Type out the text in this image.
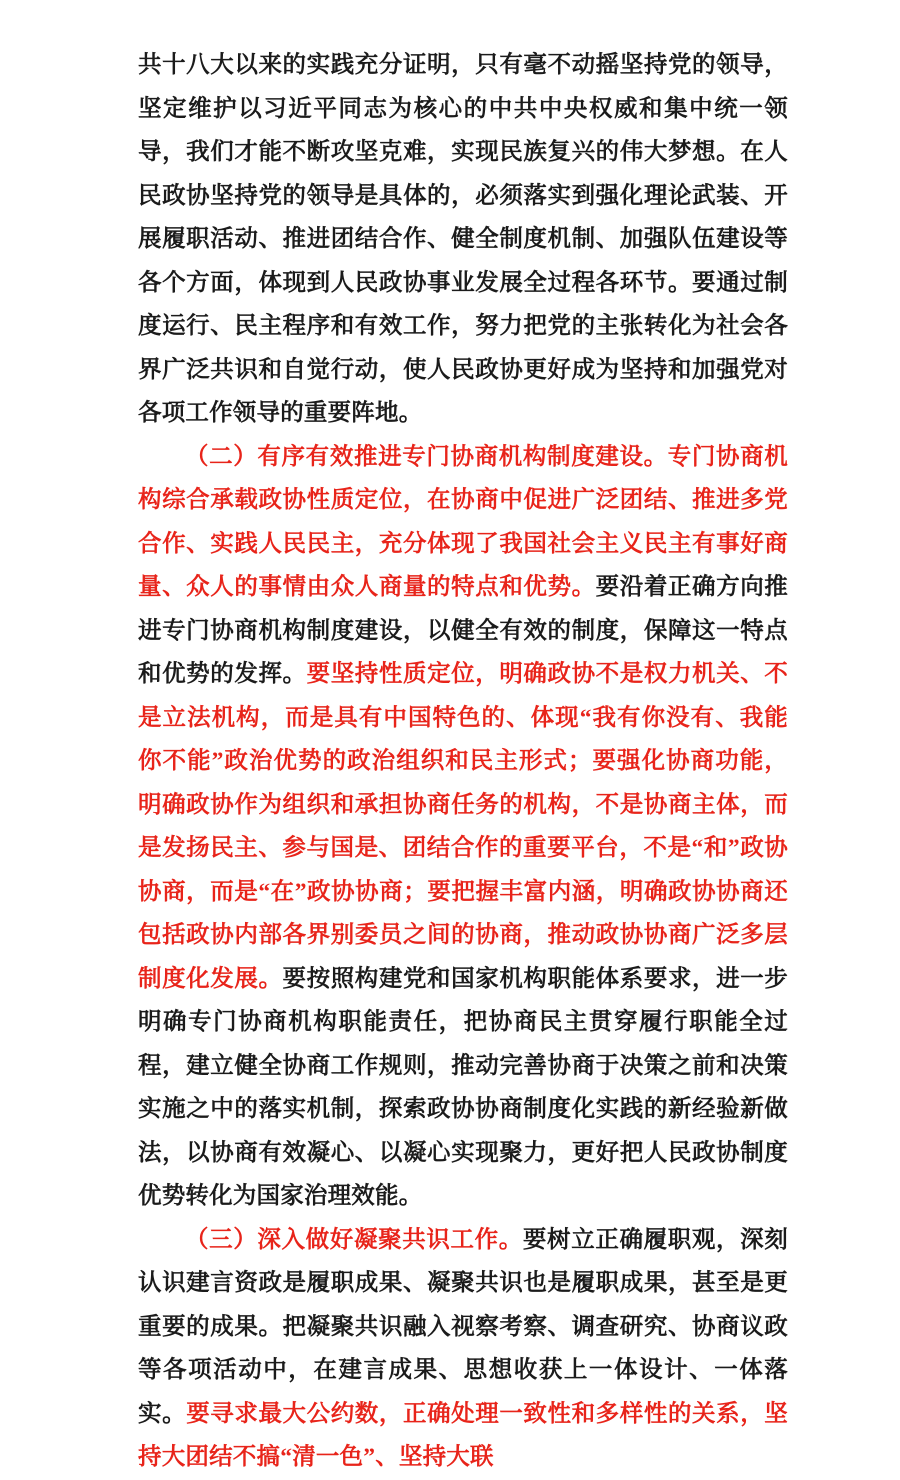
共十八大以来的实践充分证明，只有毫不动摇坚持党的领导，坚定维护以习近平同志为核心的中共中央权威和集中统一领导，我们才能不断攻坚克难，实现民族复兴的伟大梦想。在人民政协坚持党的领导是具体的，必须落实到强化理论武装、开展履职活动、推进团结合作、健全制度机制、加强队伍建设等各个方面，体现到人民政协事业发展全过程各环节。要通过制度运行、民主程序和有效工作，努力把党的主张转化为社会各界广泛共识和自觉行动，使人民政协更好成为坚持和加强党对各项工作领导的重要阵地。

（二）有序有效推进专门协商机构制度建设。专门协商机构综合承载政协性质定位，在协商中促进广泛团结、推进多党合作、实践人民民主，充分体现了我国社会主义民主有事好商量、众人的事情由众人商量的特点和优势。要沿着正确方向推进专门协商机构制度建设，以健全有效的制度，保障这一特点和优势的发挥。要坚持性质定位，明确政协不是权力机关、不是立法机构，而是具有中国特色的、体现“我有你没有、我能你不能”政治优势的政治组织和民主形式；要强化协商功能，明确政协作为组织和承担协商任务的机构，不是协商主体，而是发扬民主、参与国是、团结合作的重要平台，不是“和”政协协商，而是“在”政协协商；要把握丰富内涵，明确政协协商还包括政协内部各界别委员之间的协商，推动政协协商广泛多层制度化发展。要按照构建党和国家机构职能体系要求，进一步明确专门协商机构职能责任，把协商民主贯穿履行职能全过程，建立健全协商工作规则，推动完善协商于决策之前和决策实施之中的落实机制，探索政协协商制度化实践的新经验新做法，以协商有效凝心、以凝心实现聚力，更好把人民政协制度优势转化为国家治理效能。

（三）深入做好凝聚共识工作。要树立正确履职观，深刻认识建言资政是履职成果、凝聚共识也是履职成果，甚至是更重要的成果。把凝聚共识融入视察考察、调查研究、协商议政等各项活动中，在建言成果、思想收获上一体设计、一体落实。要寻求最大公约数，正确处理一致性和多样性的关系，坚持大团结不搞“清一色”、坚持大联
